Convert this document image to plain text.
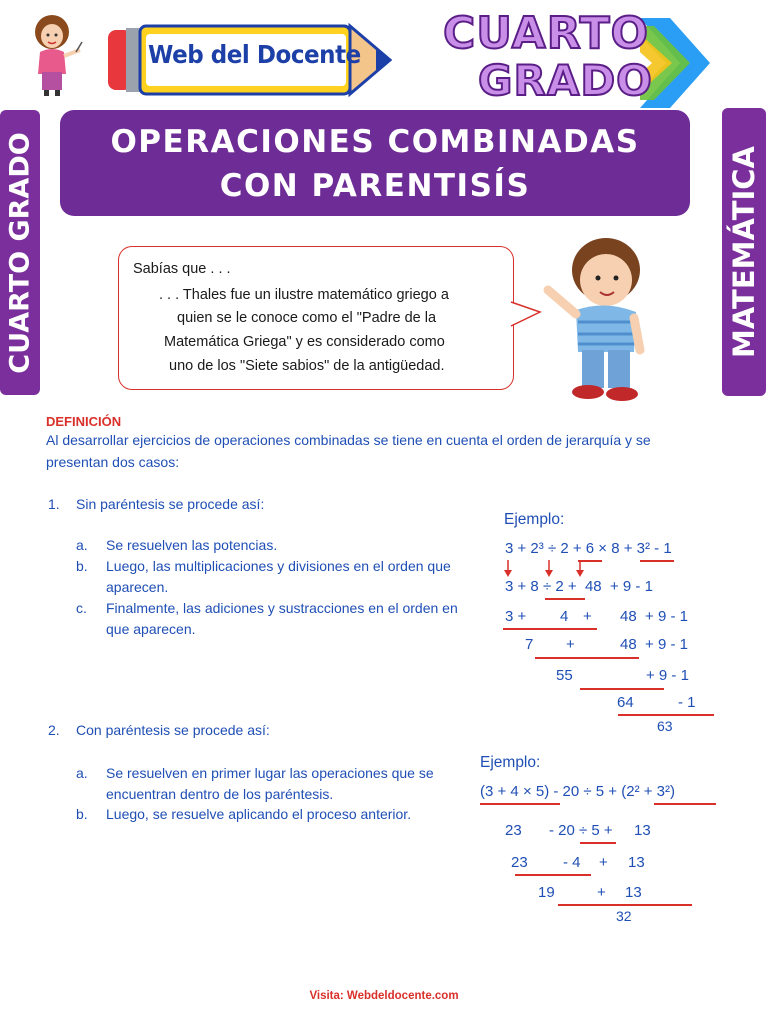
Web del Docente CUARTO
GRADO
CUARTO GRADO	MATEMÁTICA
OPERACIONES COMBINADAS
CON PARENTISÍS
Sabías que . . .
. . . Thales fue un ilustre matemático griego a
quien se le conoce como el "Padre de la
Matemática Griega" y es considerado como
uno de los "Siete sabios" de la antigüedad.
DEFINICIÓN
Al desarrollar ejercicios de operaciones combinadas se tiene en cuenta el orden de jerarquía y se
presentan dos casos:
1. Sin paréntesis se procede así:
a. Se resuelven las potencias.
b. Luego, las multiplicaciones y divisiones en el orden que
aparecen.
c. Finalmente, las adiciones y sustracciones en el orden en
que aparecen.
Ejemplo:
3 + 2³ ÷ 2 + 6 × 8 + 3² - 1
3 + 8 ÷ 2 +  48  + 9 - 1
3 + 4 + 48  + 9 - 1
7 +	48  + 9 - 1
55	+ 9 - 1
64	- 1
63
2. Con paréntesis se procede así:
a. Se resuelven en primer lugar las operaciones que se
encuentran dentro de los paréntesis.
b. Luego, se resuelve aplicando el proceso anterior.
Ejemplo:
(3 + 4 × 5) - 20 ÷ 5 + (2² + 3²)
23 - 20 ÷ 5 + 13
23 - 4 + 13
19	+ 13
32
Visita: Webdeldocente.com
